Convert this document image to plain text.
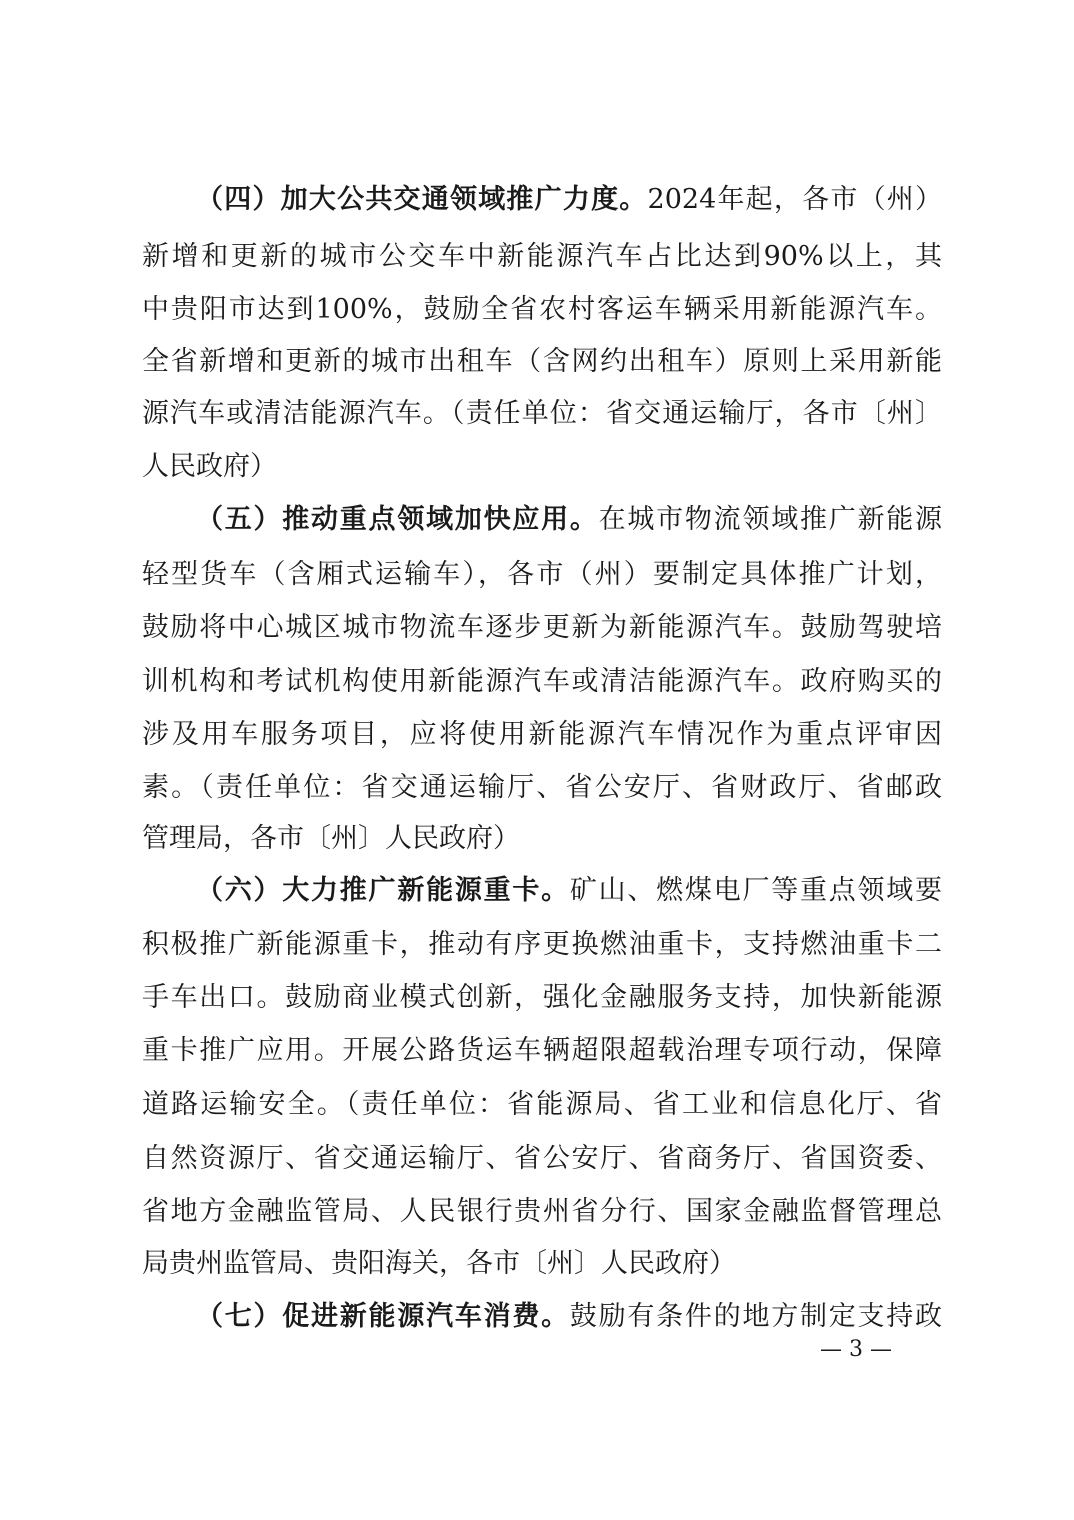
（四）加大公共交通领域推广力度。2024年起，各市（州）
新增和更新的城市公交车中新能源汽车占比达到90%以上，其
中贵阳市达到100%，鼓励全省农村客运车辆采用新能源汽车。
全省新增和更新的城市出租车（含网约出租车）原则上采用新能
源汽车或清洁能源汽车。（责任单位：省交通运输厅，各市〔州〕
人民政府）
（五）推动重点领域加快应用。在城市物流领域推广新能源
轻型货车（含厢式运输车），各市（州）要制定具体推广计划，
鼓励将中心城区城市物流车逐步更新为新能源汽车。鼓励驾驶培
训机构和考试机构使用新能源汽车或清洁能源汽车。政府购买的
涉及用车服务项目，应将使用新能源汽车情况作为重点评审因
素。（责任单位：省交通运输厅、省公安厅、省财政厅、省邮政
管理局，各市〔州〕人民政府）
（六）大力推广新能源重卡。矿山、燃煤电厂等重点领域要
积极推广新能源重卡，推动有序更换燃油重卡，支持燃油重卡二
手车出口。鼓励商业模式创新，强化金融服务支持，加快新能源
重卡推广应用。开展公路货运车辆超限超载治理专项行动，保障
道路运输安全。（责任单位：省能源局、省工业和信息化厅、省
自然资源厅、省交通运输厅、省公安厅、省商务厅、省国资委、
省地方金融监管局、人民银行贵州省分行、国家金融监督管理总
局贵州监管局、贵阳海关，各市〔州〕人民政府）
（七）促进新能源汽车消费。鼓励有条件的地方制定支持政
— 3 —
